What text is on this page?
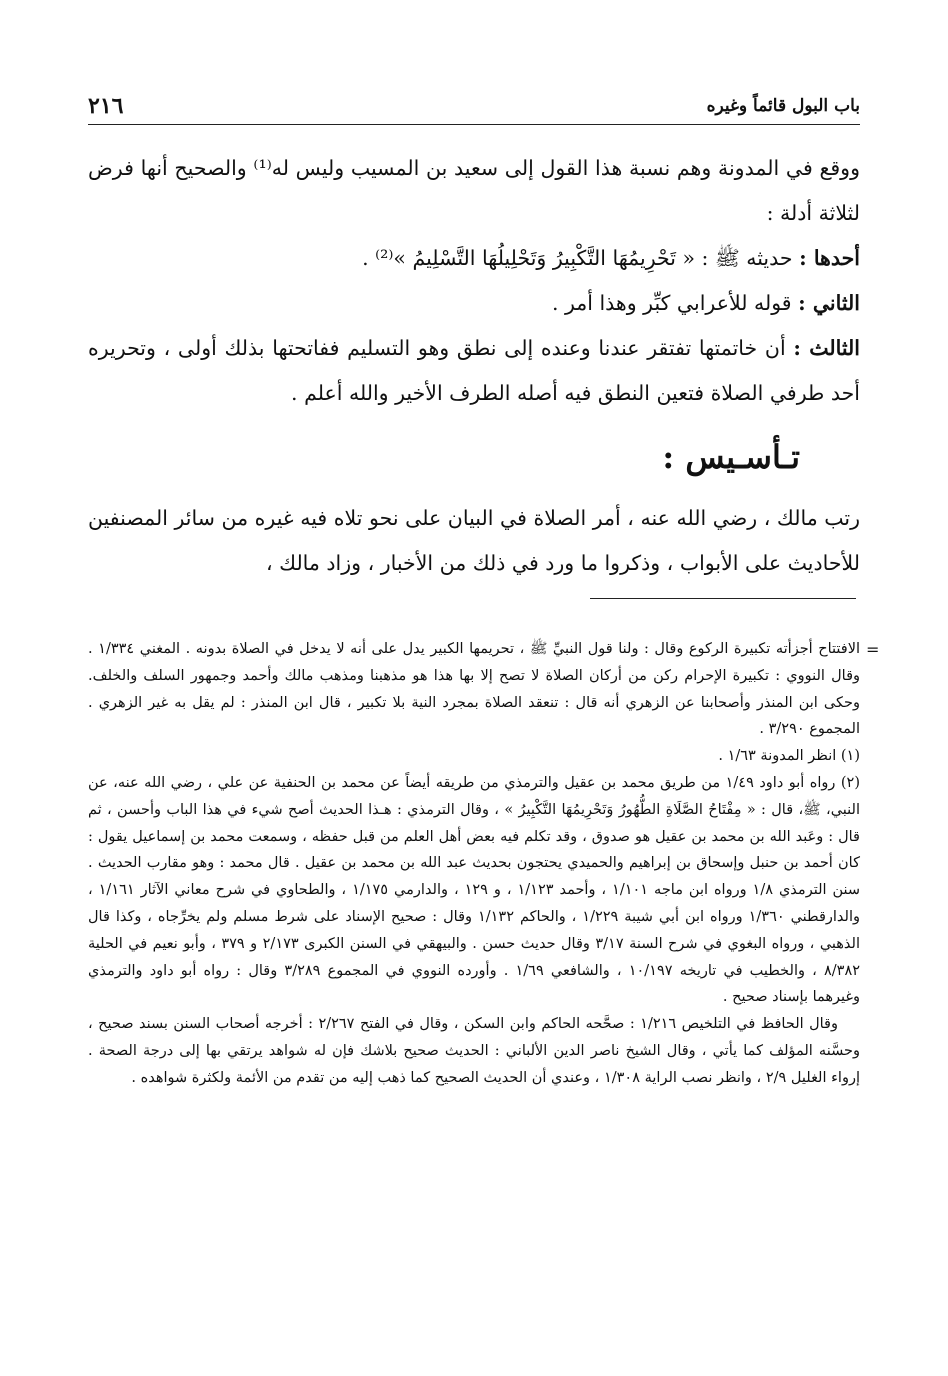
باب البول قائماً وغيره
٢١٦

ووقع في المدونة وهم نسبة هذا القول إلى سعيد بن المسيب وليس له⁽¹⁾ والصحيح أنها فرض لثلاثة أدلة :

أحدها : حديثه ﷺ : « تَحْرِيمُهَا التَّكْبِيرُ وَتَحْلِيلُهَا التَّسْلِيمُ »⁽²⁾ .

الثاني : قوله للأعرابي كبِّر وهذا أمر .

الثالث : أن خاتمتها تفتقر عندنا وعنده إلى نطق وهو التسليم ففاتحتها بذلك أولى ، وتحريره أحد طرفي الصلاة فتعين النطق فيه أصله الطرف الأخير والله أعلم .

تـأسـيس :

رتب مالك ، رضي الله عنه ، أمر الصلاة في البيان على نحو تلاه فيه غيره من سائر المصنفين للأحاديث على الأبواب ، وذكروا ما ورد في ذلك من الأخبار ، وزاد مالك ،

=

الافتتاح أجزأته تكبيرة الركوع وقال : ولنا قول النبيِّ ﷺ ، تحريمها الكبير يدل على أنه لا يدخل في الصلاة بدونه . المغني ١/٣٣٤ . وقال النووي : تكبيرة الإحرام ركن من أركان الصلاة لا تصح إلا بها هذا هو مذهبنا ومذهب مالك وأحمد وجمهور السلف والخلف. وحكى ابن المنذر وأصحابنا عن الزهري أنه قال : تنعقد الصلاة بمجرد النية بلا تكبير ، قال ابن المنذر : لم يقل به غير الزهري . المجموع ٣/٢٩٠ .

(١) انظر المدونة ١/٦٣ .

(٢) رواه أبو داود ١/٤٩ من طريق محمد بن عقيل والترمذي من طريقه أيضاً عن محمد بن الحنفية عن علي ، رضي الله عنه، عن النبي، ﷺ، قال : « مِفْتَاحُ الصَّلَاةِ الطُّهُورُ وَتَحْرِيمُهَا التَّكْبِيرُ » ، وقال الترمذي : هـذا الحديث أصح شيء في هذا الباب وأحسن ، ثم قال : وعَبد الله بن محمد بن عقيل هو صدوق ، وقد تكلم فيه بعض أهل العلم من قبل حفظه ، وسمعت محمد بن إسماعيل يقول : كان أحمد بن حنبل وإسحاق بن إبراهيم والحميدي يحتجون بحديث عبد الله بن محمد بن عقيل . قال محمد : وهو مقارب الحديث . سنن الترمذي ١/٨ ورواه ابن ماجه ١/١٠١ ، وأحمد ١/١٢٣ ، و ١٢٩ ، والدارمي ١/١٧٥ ، والطحاوي في شرح معاني الآثار ١/١٦١ ، والدارقطني ١/٣٦٠ ورواه ابن أبي شيبة ١/٢٢٩ ، والحاكم ١/١٣٢ وقال : صحيح الإسناد على شرط مسلم ولم يخرِّجاه ، وكذا قال الذهبي ، ورواه البغوي في شرح السنة ٣/١٧ وقال حديث حسن . والبيهقي في السنن الكبرى ٢/١٧٣ و ٣٧٩ ، وأبو نعيم في الحلية ٨/٣٨٢ ، والخطيب في تاريخه ١٠/١٩٧ ، والشافعي ١/٦٩ . وأورده النووي في المجموع ٣/٢٨٩ وقال : رواه أبو داود والترمذي وغيرهما بإسناد صحيح .

وقال الحافظ في التلخيص ١/٢١٦ : صحَّحه الحاكم وابن السكن ، وقال في الفتح ٢/٢٦٧ : أخرجه أصحاب السنن بسند صحيح ، وحسَّنه المؤلف كما يأتي ، وقال الشيخ ناصر الدين الألباني : الحديث صحيح بلاشك فإن له شواهد يرتقي بها إلى درجة الصحة . إرواء الغليل ٢/٩ ، وانظر نصب الراية ١/٣٠٨ ، وعندي أن الحديث الصحيح كما ذهب إليه من تقدم من الأئمة ولكثرة شواهده .
